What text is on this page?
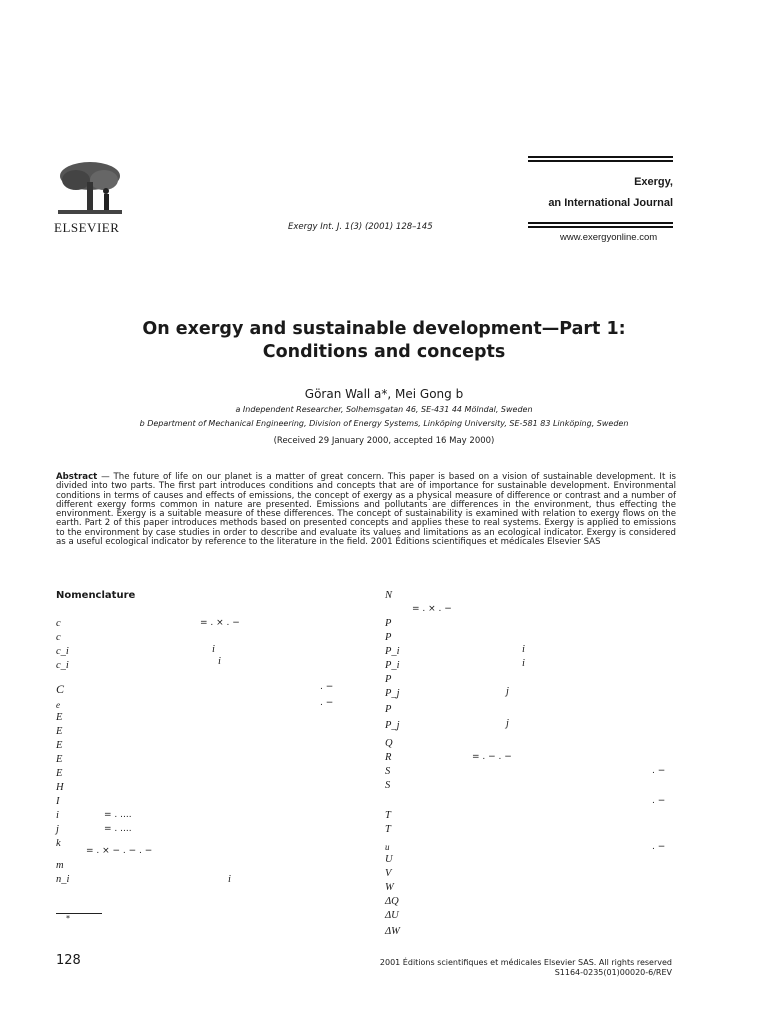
ELSEVIER	Exergy Int. J. 1(3) (2001) 128–145
Exergy,
an International Journal
www.exergyonline.com
On exergy and sustainable development—Part 1:
Conditions and concepts
Göran Wall a*, Mei Gong b
a Independent Researcher, Solhemsgatan 46, SE-431 44 Mölndal, Sweden
b Department of Mechanical Engineering, Division of Energy Systems, Linköping University, SE-581 83 Linköping, Sweden
(Received 29 January 2000, accepted 16 May 2000)
Abstract — The future of life on our planet is a matter of great concern. This paper is based on a vision of sustainable development. It is divided into two parts. The first part introduces conditions and concepts that are of importance for sustainable development. Environmental conditions in terms of causes and effects of emissions, the concept of exergy as a physical measure of difference or contrast and a number of different exergy forms common in nature are presented. Emissions and pollutants are differences in the environment, thus effecting the environment. Exergy is a suitable measure of these differences. The concept of sustainability is examined with relation to exergy flows on the earth. Part 2 of this paper introduces methods based on presented concepts and applies these to real systems. Exergy is applied to emissions to the environment by case studies in order to describe and evaluate its values and limitations as an ecological indicator. Exergy is considered as a useful ecological indicator by reference to the literature in the field. 2001 Éditions scientifiques et médicales Elsevier SAS
Nomenclature
c
c
c_i
c_i
C
e
E
E
E
E
E
H
I
i
j
k
m
n_i
= . × . −
i
i
. −
. −
= . ....
= . ....
= . × − . − . −
i
N
P
P
P_i
P_i
P
P_j
P
P_j
Q
R
S
S
T
T
u
U
V
W
ΔQ
ΔU
ΔW
= . × . −
i
i
j
j
= . − . −
. −
. −
. −
*
128	2001 Éditions scientifiques et médicales Elsevier SAS. All rights reserved
S1164-0235(01)00020-6/REV
